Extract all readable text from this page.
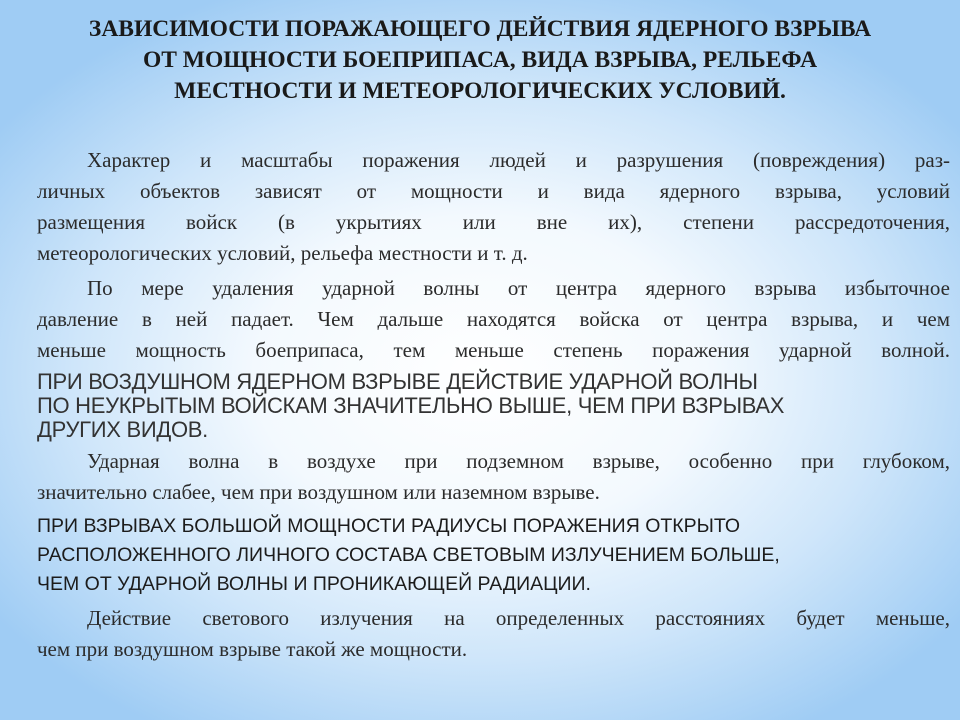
ЗАВИСИМОСТИ ПОРАЖАЮЩЕГО ДЕЙСТВИЯ ЯДЕРНОГО ВЗРЫВА
ОТ МОЩНОСТИ БОЕПРИПАСА, ВИДА ВЗРЫВА, РЕЛЬЕФА
МЕСТНОСТИ И МЕТЕОРОЛОГИЧЕСКИХ УСЛОВИЙ.

Характер и масштабы поражения людей и разрушения (повреждения) раз-
личных объектов зависят от мощности и вида ядерного взрыва, условий
размещения войск (в укрытиях или вне их), степени рассредоточения,
метеорологических условий, рельефа местности и т. д.

По мере удаления ударной волны от центра ядерного взрыва избыточное
давление в ней падает. Чем дальше находятся войска от центра взрыва, и чем
меньше мощность боеприпаса, тем меньше степень поражения ударной волной.

ПРИ ВОЗДУШНОМ ЯДЕРНОМ ВЗРЫВЕ ДЕЙСТВИЕ УДАРНОЙ ВОЛНЫ
ПО НЕУКРЫТЫМ ВОЙСКАМ ЗНАЧИТЕЛЬНО ВЫШЕ, ЧЕМ ПРИ ВЗРЫВАХ
ДРУГИХ ВИДОВ.

Ударная волна в воздухе при подземном взрыве, особенно при глубоком,
значительно слабее, чем при воздушном или наземном взрыве.

ПРИ ВЗРЫВАХ БОЛЬШОЙ МОЩНОСТИ РАДИУСЫ ПОРАЖЕНИЯ ОТКРЫТО
РАСПОЛОЖЕННОГО ЛИЧНОГО СОСТАВА СВЕТОВЫМ ИЗЛУЧЕНИЕМ БОЛЬШЕ,
ЧЕМ ОТ УДАРНОЙ ВОЛНЫ И ПРОНИКАЮЩЕЙ РАДИАЦИИ.

Действие светового излучения на определенных расстояниях будет меньше,
чем при воздушном взрыве такой же мощности.
